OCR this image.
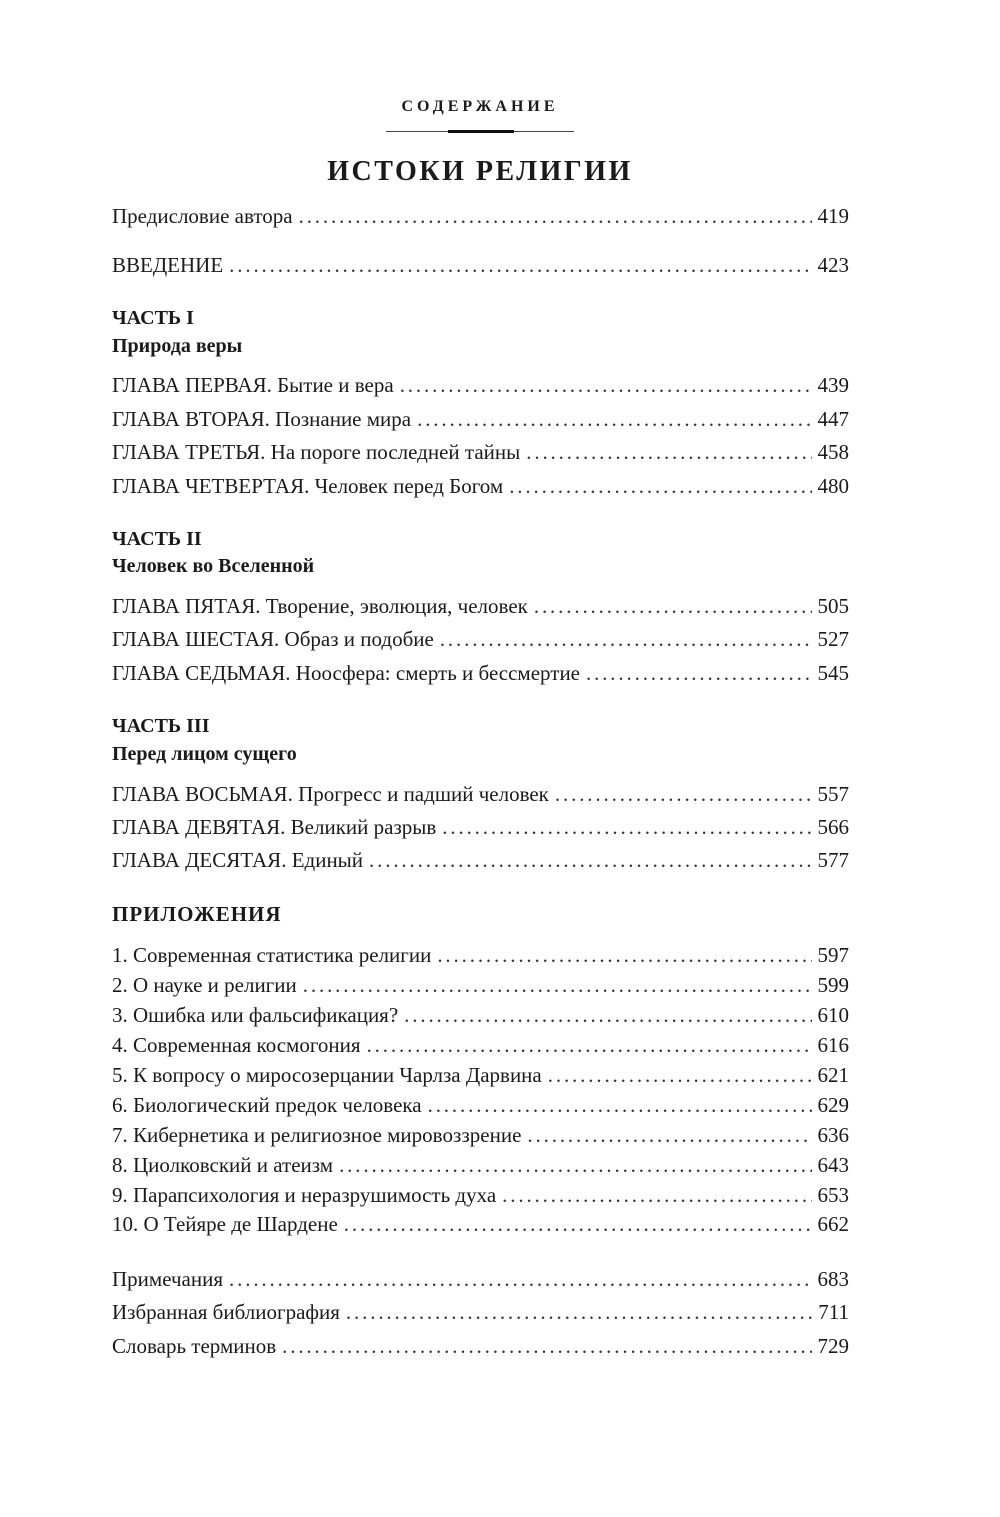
СОДЕРЖАНИЕ
ИСТОКИ РЕЛИГИИ
Предисловие автора . . .	419
ВВЕДЕНИЕ . . .	423
ЧАСТЬ I
Природа веры
ГЛАВА ПЕРВАЯ. Бытие и вера . . .	439
ГЛАВА ВТОРАЯ. Познание мира . . .	447
ГЛАВА ТРЕТЬЯ. На пороге последней тайны . . .	458
ГЛАВА ЧЕТВЕРТАЯ. Человек перед Богом . . .	480
ЧАСТЬ II
Человек во Вселенной
ГЛАВА ПЯТАЯ. Творение, эволюция, человек . . .	505
ГЛАВА ШЕСТАЯ. Образ и подобие . . .	527
ГЛАВА СЕДЬМАЯ. Ноосфера: смерть и бессмертие . . .	545
ЧАСТЬ III
Перед лицом сущего
ГЛАВА ВОСЬМАЯ. Прогресс и падший человек . . .	557
ГЛАВА ДЕВЯТАЯ. Великий разрыв . . .	566
ГЛАВА ДЕСЯТАЯ. Единый . . .	577
ПРИЛОЖЕНИЯ
1. Современная статистика религии . . .	597
2. О науке и религии . . .	599
3. Ошибка или фальсификация? . . .	610
4. Современная космогония . . .	616
5. К вопросу о миросозерцании Чарлза Дарвина . . .	621
6. Биологический предок человека . . .	629
7. Кибернетика и религиозное мировоззрение . . .	636
8. Циолковский и атеизм . . .	643
9. Парапсихология и неразрушимость духа . . .	653
10. О Тейяре де Шардене . . .	662
Примечания . . .	683
Избранная библиография . . .	711
Словарь терминов . . .	729
